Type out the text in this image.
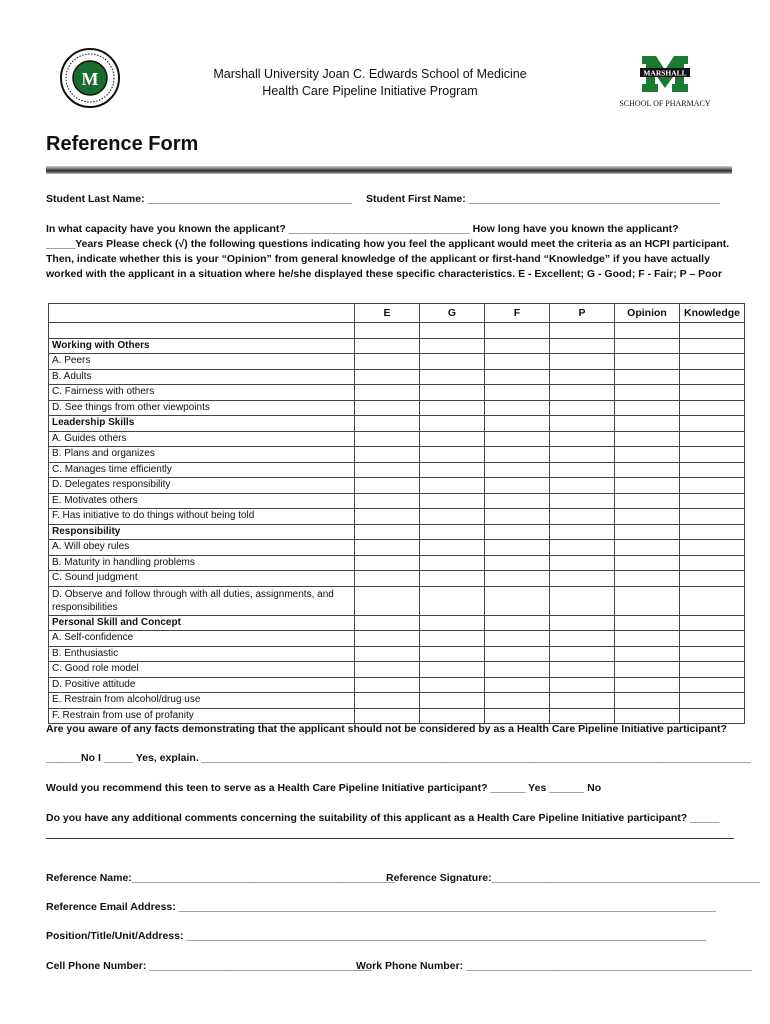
M	Marshall University Joan C. Edwards School of Medicine
Health Care Pipeline Initiative Program
MARSHALL
SCHOOL OF PHARMACY
Reference Form
Student Last Name: ___________________________________ Student First Name: ___________________________________________
In what capacity have you known the applicant? _______________________________ How long have you known the applicant?
_____Years Please check (√) the following questions indicating how you feel the applicant would meet the criteria as an HCPI participant.
Then, indicate whether this is your “Opinion” from general knowledge of the applicant or first-hand “Knowledge” if you have actually
worked with the applicant in a situation where he/she displayed these specific characteristics. E - Excellent; G - Good; F - Fair; P – Poor
	E	G	F	P	Opinion	Knowledge

Working with Others						
A. Peers						
B. Adults						
C. Fairness with others						
D. See things from other viewpoints						
Leadership Skills						
A. Guides others						
B. Plans and organizes						
C. Manages time efficiently						
D. Delegates responsibility						
E. Motivates others						
F. Has initiative to do things without being told						
Responsibility						
A. Will obey rules						
B. Maturity in handling problems						
C. Sound judgment						
D. Observe and follow through with all duties, assignments, and responsibilities						
Personal Skill and Concept						
A. Self-confidence						
B. Enthusiastic						
C. Good role model						
D. Positive attitude						
E. Restrain from alcohol/drug use						
F. Restrain from use of profanity						
Are you aware of any facts demonstrating that the applicant should not be considered by as a Health Care Pipeline Initiative participant?
______No I _____ Yes, explain. ______________________________________________________________________________________________
Would you recommend this teen to serve as a Health Care Pipeline Initiative participant? ______ Yes ______ No
Do you have any additional comments concerning the suitability of this applicant as a Health Care Pipeline Initiative participant? _____
Reference Name:_____________________________________________
Reference Signature:______________________________________________
Reference Email Address: ____________________________________________________________________________________________
Position/Title/Unit/Address: _________________________________________________________________________________________
Cell Phone Number: ______________________________________
Work Phone Number: _________________________________________________
